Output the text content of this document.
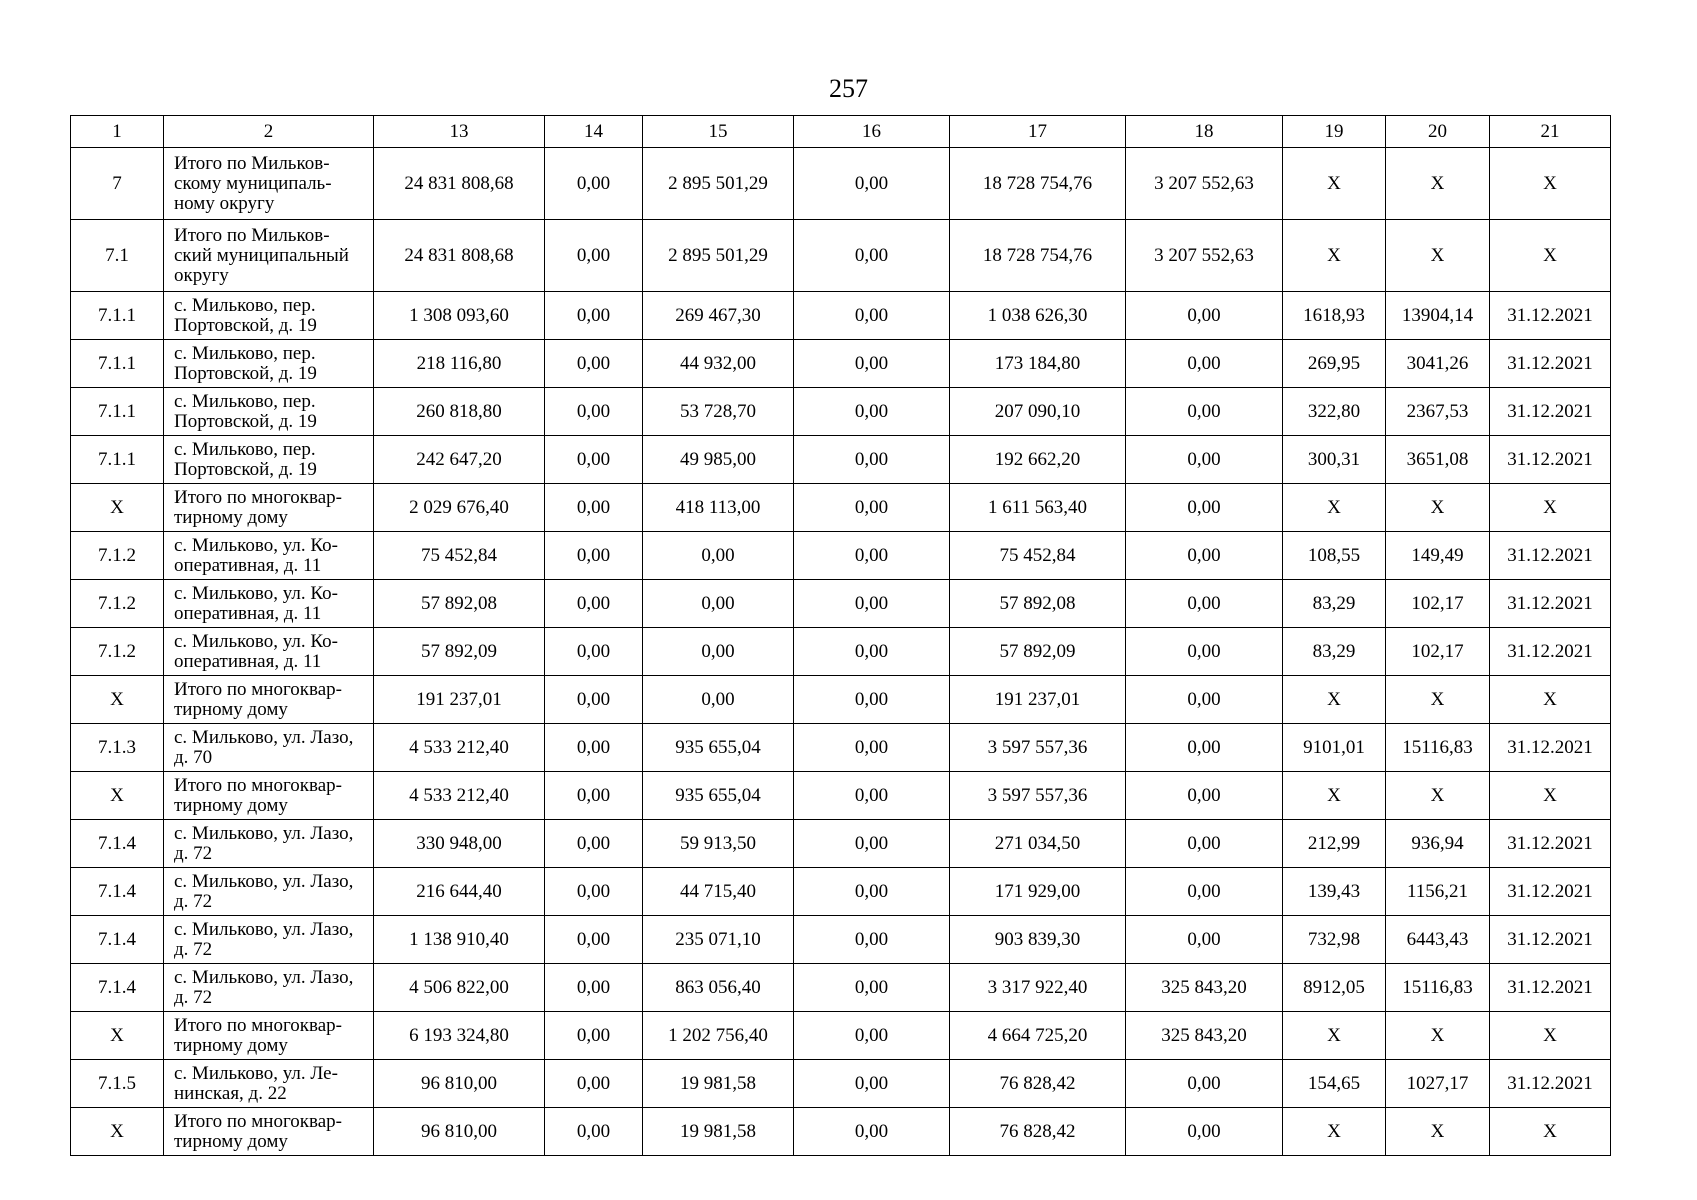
257
1	2	13	14	15	16	17	18	19	20	21
7	Итого по Мильков-скому муниципаль-ному округу	24 831 808,68	0,00	2 895 501,29	0,00	18 728 754,76	3 207 552,63	Х	Х	Х
7.1	Итого по Мильков-ский муниципальный округу	24 831 808,68	0,00	2 895 501,29	0,00	18 728 754,76	3 207 552,63	Х	Х	Х
7.1.1	с. Мильково, пер. Портовской, д. 19	1 308 093,60	0,00	269 467,30	0,00	1 038 626,30	0,00	1618,93	13904,14	31.12.2021
7.1.1	с. Мильково, пер. Портовской, д. 19	218 116,80	0,00	44 932,00	0,00	173 184,80	0,00	269,95	3041,26	31.12.2021
7.1.1	с. Мильково, пер. Портовской, д. 19	260 818,80	0,00	53 728,70	0,00	207 090,10	0,00	322,80	2367,53	31.12.2021
7.1.1	с. Мильково, пер. Портовской, д. 19	242 647,20	0,00	49 985,00	0,00	192 662,20	0,00	300,31	3651,08	31.12.2021
Х	Итого по многоквар-тирному дому	2 029 676,40	0,00	418 113,00	0,00	1 611 563,40	0,00	Х	Х	Х
7.1.2	с. Мильково, ул. Ко-оперативная, д. 11	75 452,84	0,00	0,00	0,00	75 452,84	0,00	108,55	149,49	31.12.2021
7.1.2	с. Мильково, ул. Ко-оперативная, д. 11	57 892,08	0,00	0,00	0,00	57 892,08	0,00	83,29	102,17	31.12.2021
7.1.2	с. Мильково, ул. Ко-оперативная, д. 11	57 892,09	0,00	0,00	0,00	57 892,09	0,00	83,29	102,17	31.12.2021
Х	Итого по многоквар-тирному дому	191 237,01	0,00	0,00	0,00	191 237,01	0,00	Х	Х	Х
7.1.3	с. Мильково, ул. Лазо, д. 70	4 533 212,40	0,00	935 655,04	0,00	3 597 557,36	0,00	9101,01	15116,83	31.12.2021
Х	Итого по многоквар-тирному дому	4 533 212,40	0,00	935 655,04	0,00	3 597 557,36	0,00	Х	Х	Х
7.1.4	с. Мильково, ул. Лазо, д. 72	330 948,00	0,00	59 913,50	0,00	271 034,50	0,00	212,99	936,94	31.12.2021
7.1.4	с. Мильково, ул. Лазо, д. 72	216 644,40	0,00	44 715,40	0,00	171 929,00	0,00	139,43	1156,21	31.12.2021
7.1.4	с. Мильково, ул. Лазо, д. 72	1 138 910,40	0,00	235 071,10	0,00	903 839,30	0,00	732,98	6443,43	31.12.2021
7.1.4	с. Мильково, ул. Лазо, д. 72	4 506 822,00	0,00	863 056,40	0,00	3 317 922,40	325 843,20	8912,05	15116,83	31.12.2021
Х	Итого по многоквар-тирному дому	6 193 324,80	0,00	1 202 756,40	0,00	4 664 725,20	325 843,20	Х	Х	Х
7.1.5	с. Мильково, ул. Ле-нинская, д. 22	96 810,00	0,00	19 981,58	0,00	76 828,42	0,00	154,65	1027,17	31.12.2021
Х	Итого по многоквар-тирному дому	96 810,00	0,00	19 981,58	0,00	76 828,42	0,00	Х	Х	Х
